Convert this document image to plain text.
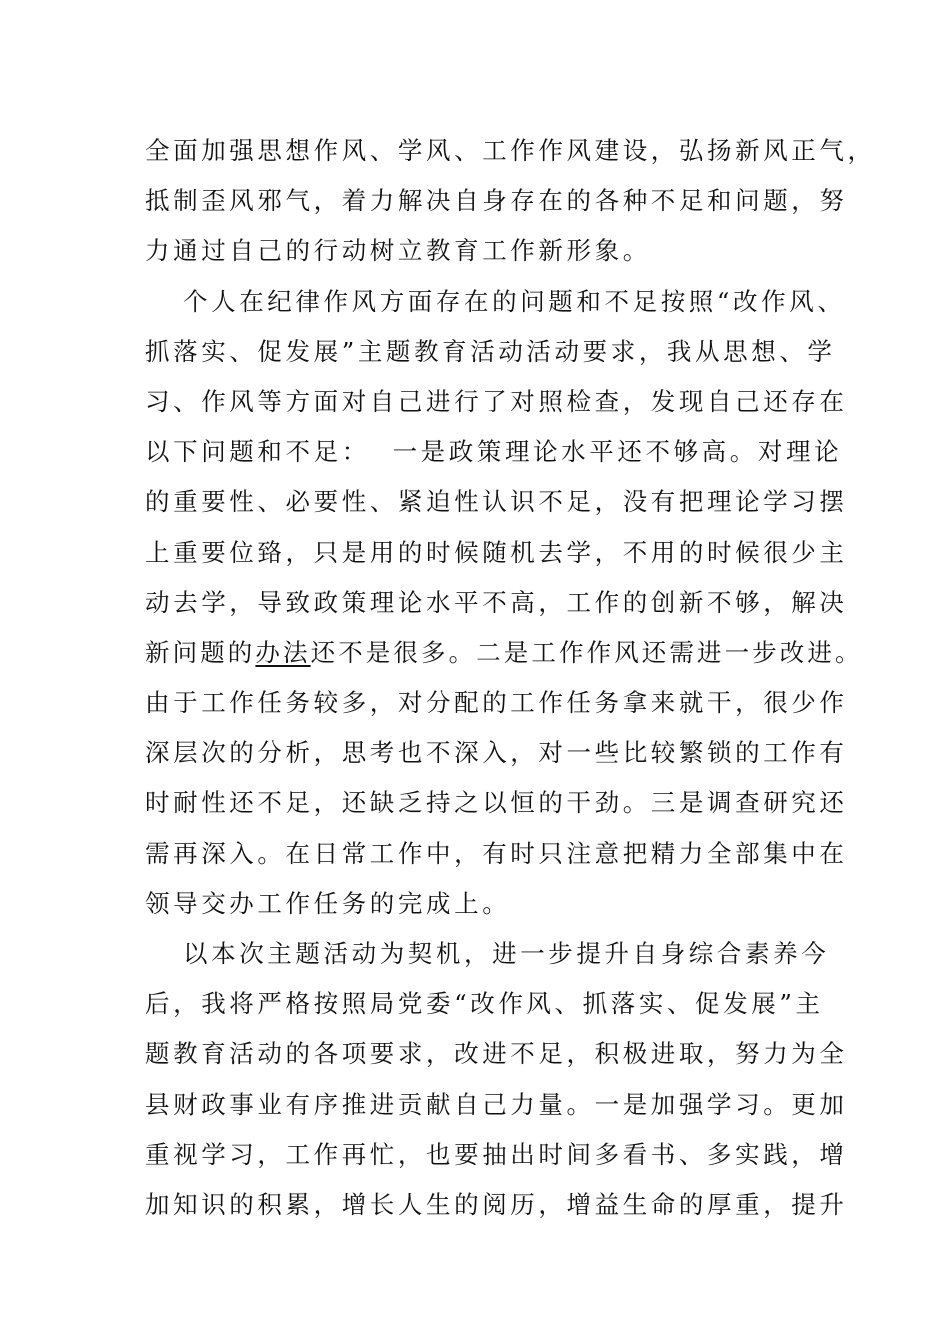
全面加强思想作风、学风、工作作风建设，弘扬新风正气，
抵制歪风邪气，着力解决自身存在的各种不足和问题，努
力通过自己的行动树立教育工作新形象。
个人在纪律作风方面存在的问题和不足按照“改作风、
抓落实、促发展”主题教育活动活动要求，我从思想、学
习、作风等方面对自己进行了对照检查，发现自己还存在
以下问题和不足：  一是政策理论水平还不够高。对理论
的重要性、必要性、紧迫性认识不足，没有把理论学习摆
上重要位臵，只是用的时候随机去学，不用的时候很少主
动去学，导致政策理论水平不高，工作的创新不够，解决
新问题的办法还不是很多。二是工作作风还需进一步改进。
由于工作任务较多，对分配的工作任务拿来就干，很少作
深层次的分析，思考也不深入，对一些比较繁锁的工作有
时耐性还不足，还缺乏持之以恒的干劲。三是调查研究还
需再深入。在日常工作中，有时只注意把精力全部集中在
领导交办工作任务的完成上。
以本次主题活动为契机，进一步提升自身综合素养今
后，我将严格按照局党委“改作风、抓落实、促发展”主
题教育活动的各项要求，改进不足，积极进取，努力为全
县财政事业有序推进贡献自己力量。一是加强学习。更加
重视学习，工作再忙，也要抽出时间多看书、多实践，增
加知识的积累，增长人生的阅历，增益生命的厚重，提升
